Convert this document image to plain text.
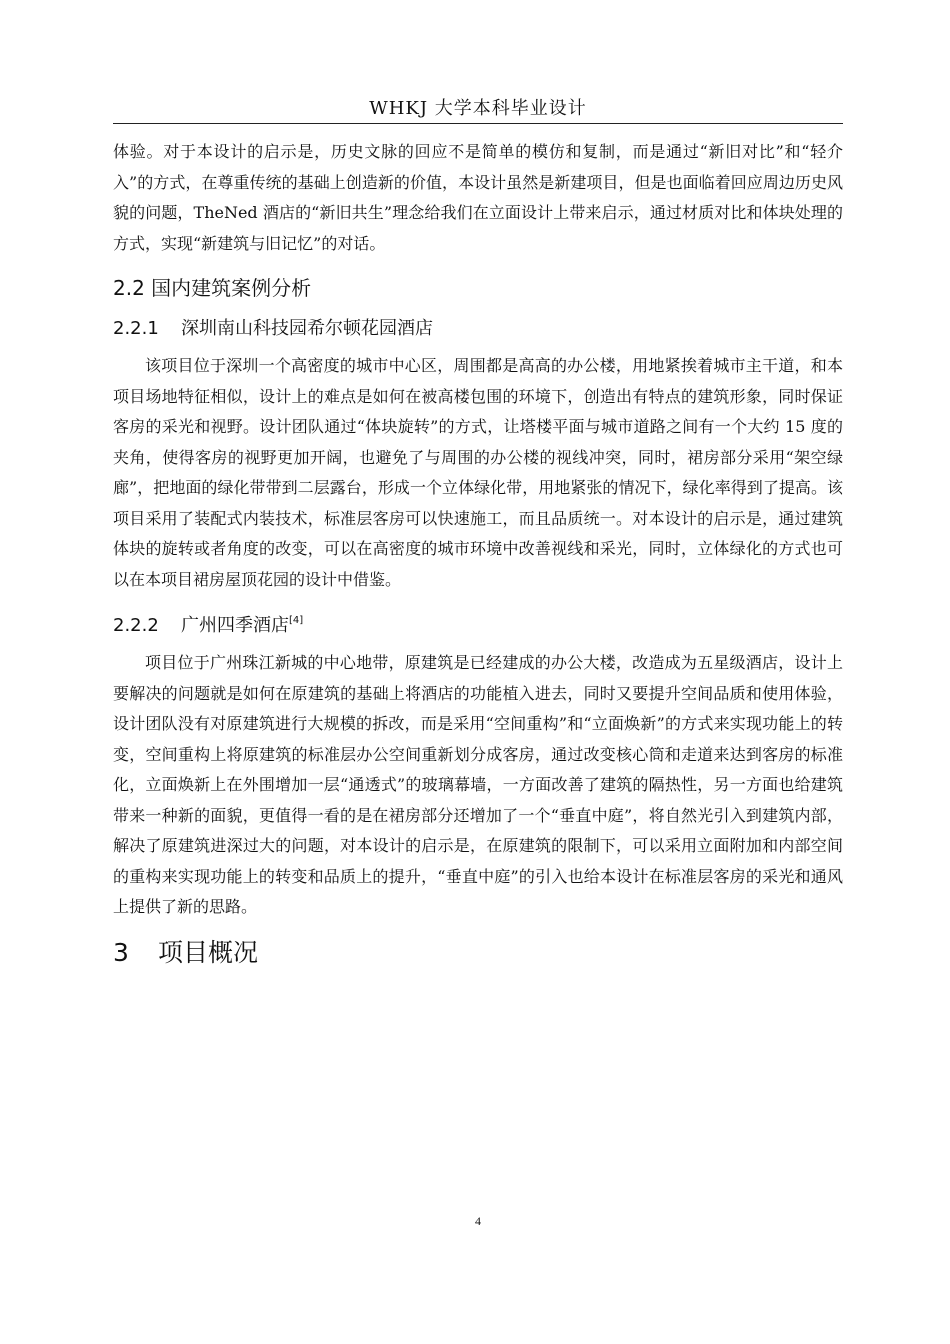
WHKJ 大学本科毕业设计

体验。对于本设计的启示是，历史文脉的回应不是简单的模仿和复制，而是通过“新旧对比”和“轻介入”的方式，在尊重传统的基础上创造新的价值，本设计虽然是新建项目，但是也面临着回应周边历史风貌的问题，TheNed 酒店的“新旧共生”理念给我们在立面设计上带来启示，通过材质对比和体块处理的方式，实现“新建筑与旧记忆”的对话。

2.2 国内建筑案例分析
2.2.1 深圳南山科技园希尔顿花园酒店

该项目位于深圳一个高密度的城市中心区，周围都是高高的办公楼，用地紧挨着城市主干道，和本项目场地特征相似，设计上的难点是如何在被高楼包围的环境下，创造出有特点的建筑形象，同时保证客房的采光和视野。设计团队通过“体块旋转”的方式，让塔楼平面与城市道路之间有一个大约 15 度的夹角，使得客房的视野更加开阔，也避免了与周围的办公楼的视线冲突，同时，裙房部分采用“架空绿廊”，把地面的绿化带带到二层露台，形成一个立体绿化带，用地紧张的情况下，绿化率得到了提高。该项目采用了装配式内装技术，标准层客房可以快速施工，而且品质统一。对本设计的启示是，通过建筑体块的旋转或者角度的改变，可以在高密度的城市环境中改善视线和采光，同时，立体绿化的方式也可以在本项目裙房屋顶花园的设计中借鉴。

2.2.2 广州四季酒店[4]

项目位于广州珠江新城的中心地带，原建筑是已经建成的办公大楼，改造成为五星级酒店，设计上要解决的问题就是如何在原建筑的基础上将酒店的功能植入进去，同时又要提升空间品质和使用体验，设计团队没有对原建筑进行大规模的拆改，而是采用“空间重构”和“立面焕新”的方式来实现功能上的转变，空间重构上将原建筑的标准层办公空间重新划分成客房，通过改变核心筒和走道来达到客房的标准化，立面焕新上在外围增加一层“通透式”的玻璃幕墙，一方面改善了建筑的隔热性，另一方面也给建筑带来一种新的面貌，更值得一看的是在裙房部分还增加了一个“垂直中庭”，将自然光引入到建筑内部，解决了原建筑进深过大的问题，对本设计的启示是，在原建筑的限制下，可以采用立面附加和内部空间的重构来实现功能上的转变和品质上的提升，“垂直中庭”的引入也给本设计在标准层客房的采光和通风上提供了新的思路。

3 项目概况
4
